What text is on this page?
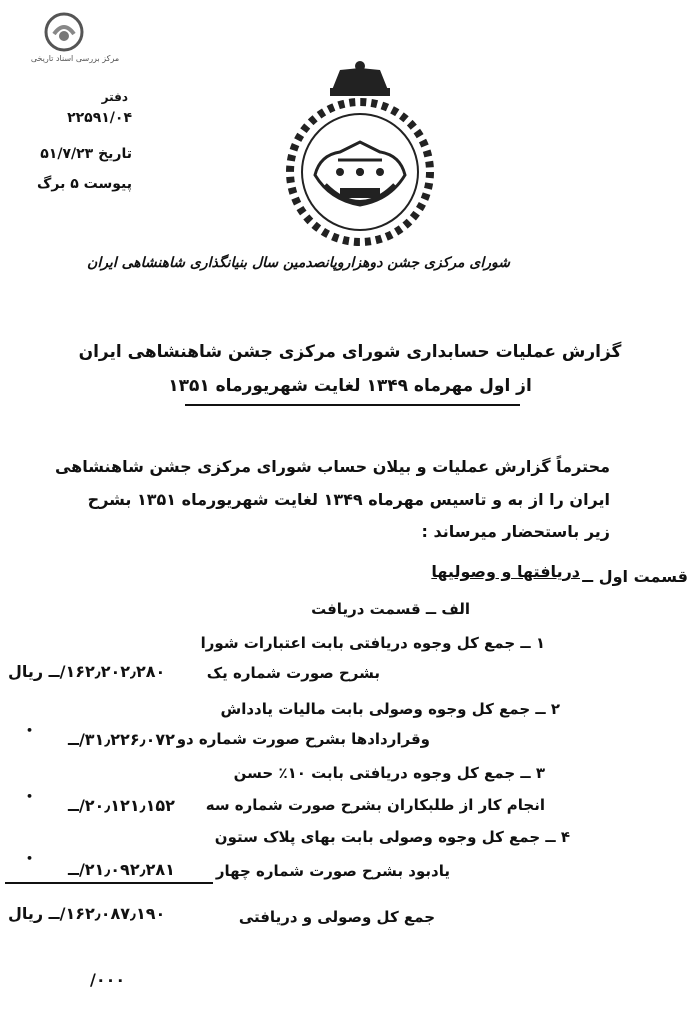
مرکز بررسی اسناد تاریخی
دفتر
۲۲۵۹۱/۰۴
تاریخ ۵۱/۷/۲۳
پیوست ۵ برگ
شورای مرکزی جشن دوهزاروپانصدمین سال بنیانگذاری شاهنشاهی ایران
گزارش عملیات حسابداری شورای مرکزی جشن شاهنشاهی ایران
از اول مهرماه ۱۳۴۹ لغایت شهریورماه ۱۳۵۱
محترماً گزارش عملیات و بیلان حساب شورای مرکزی جشن شاهنشاهی
ایران را از به و تاسیس مهرماه ۱۳۴۹ لغایت شهریورماه ۱۳۵۱ بشرح
زیر باستحضار میرساند :
قسمت اول ــ
دریافتها و وصولیها
الف ــ قسمت دریافت
۱ ــ جمع کل وجوه دریافتی بابت اعتبارات شورا
بشرح صورت شماره یک
۱۶۲٫۲۰۲٫۲۸۰/ــ ریال
۲ ــ جمع کل وجوه وصولی بابت مالیات یادداش
وقراردادها بشرح صورت شماره دو
• ۳۱٫۲۲۶٫۰۷۲/ــ
۳ ــ جمع کل وجوه دریافتی بابت ۱۰٪ حسن
انجام کار از طلبکاران بشرح صورت شماره سه
• ۲۰٫۱۲۱٫۱۵۲/ــ
۴ ــ جمع کل وجوه وصولی بابت بهای پلاک ستون
یادبود بشرح صورت شماره چهار
•
۲۱٫۰۹۲٫۲۸۱/ــ
جمع کل وصولی و دریافتی
۱۶۲٫۰۸۷٫۱۹۰/ــ ریال
۰۰۰/
